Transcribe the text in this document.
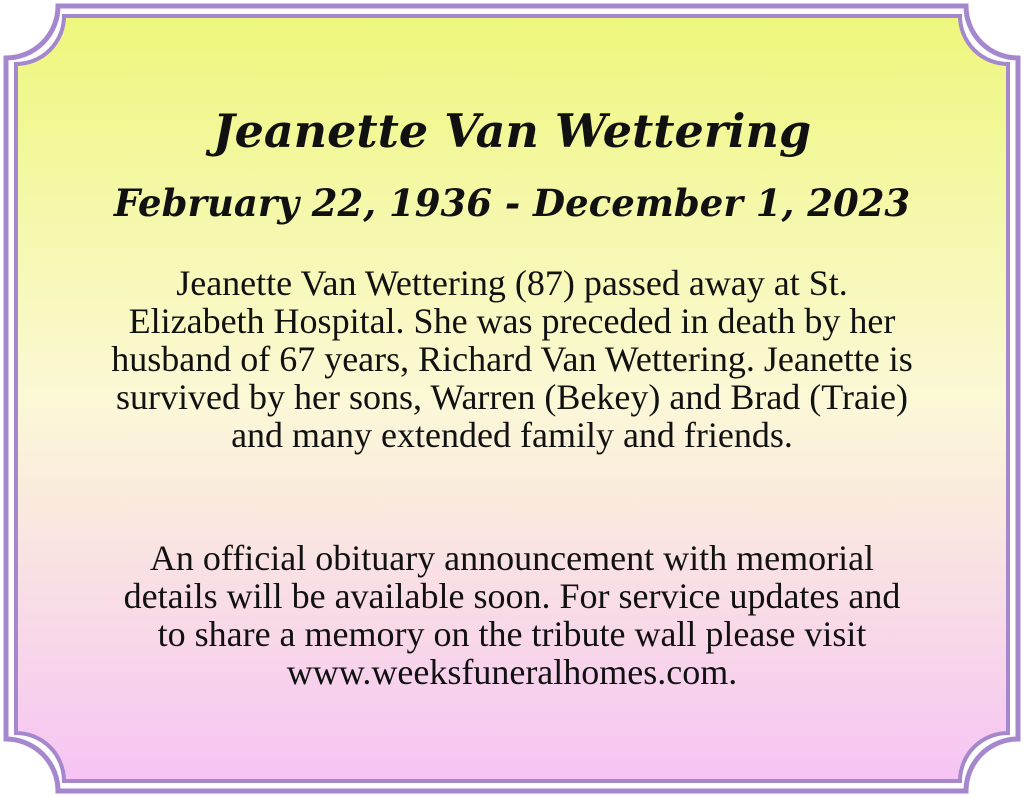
Jeanette Van Wettering
February 22, 1936 - December 1, 2023

Jeanette Van Wettering (87) passed away at St.
Elizabeth Hospital. She was preceded in death by her
husband of 67 years, Richard Van Wettering. Jeanette is
survived by her sons, Warren (Bekey) and Brad (Traie)
and many extended family and friends.

An official obituary announcement with memorial
details will be available soon. For service updates and
to share a memory on the tribute wall please visit
www.weeksfuneralhomes.com.
